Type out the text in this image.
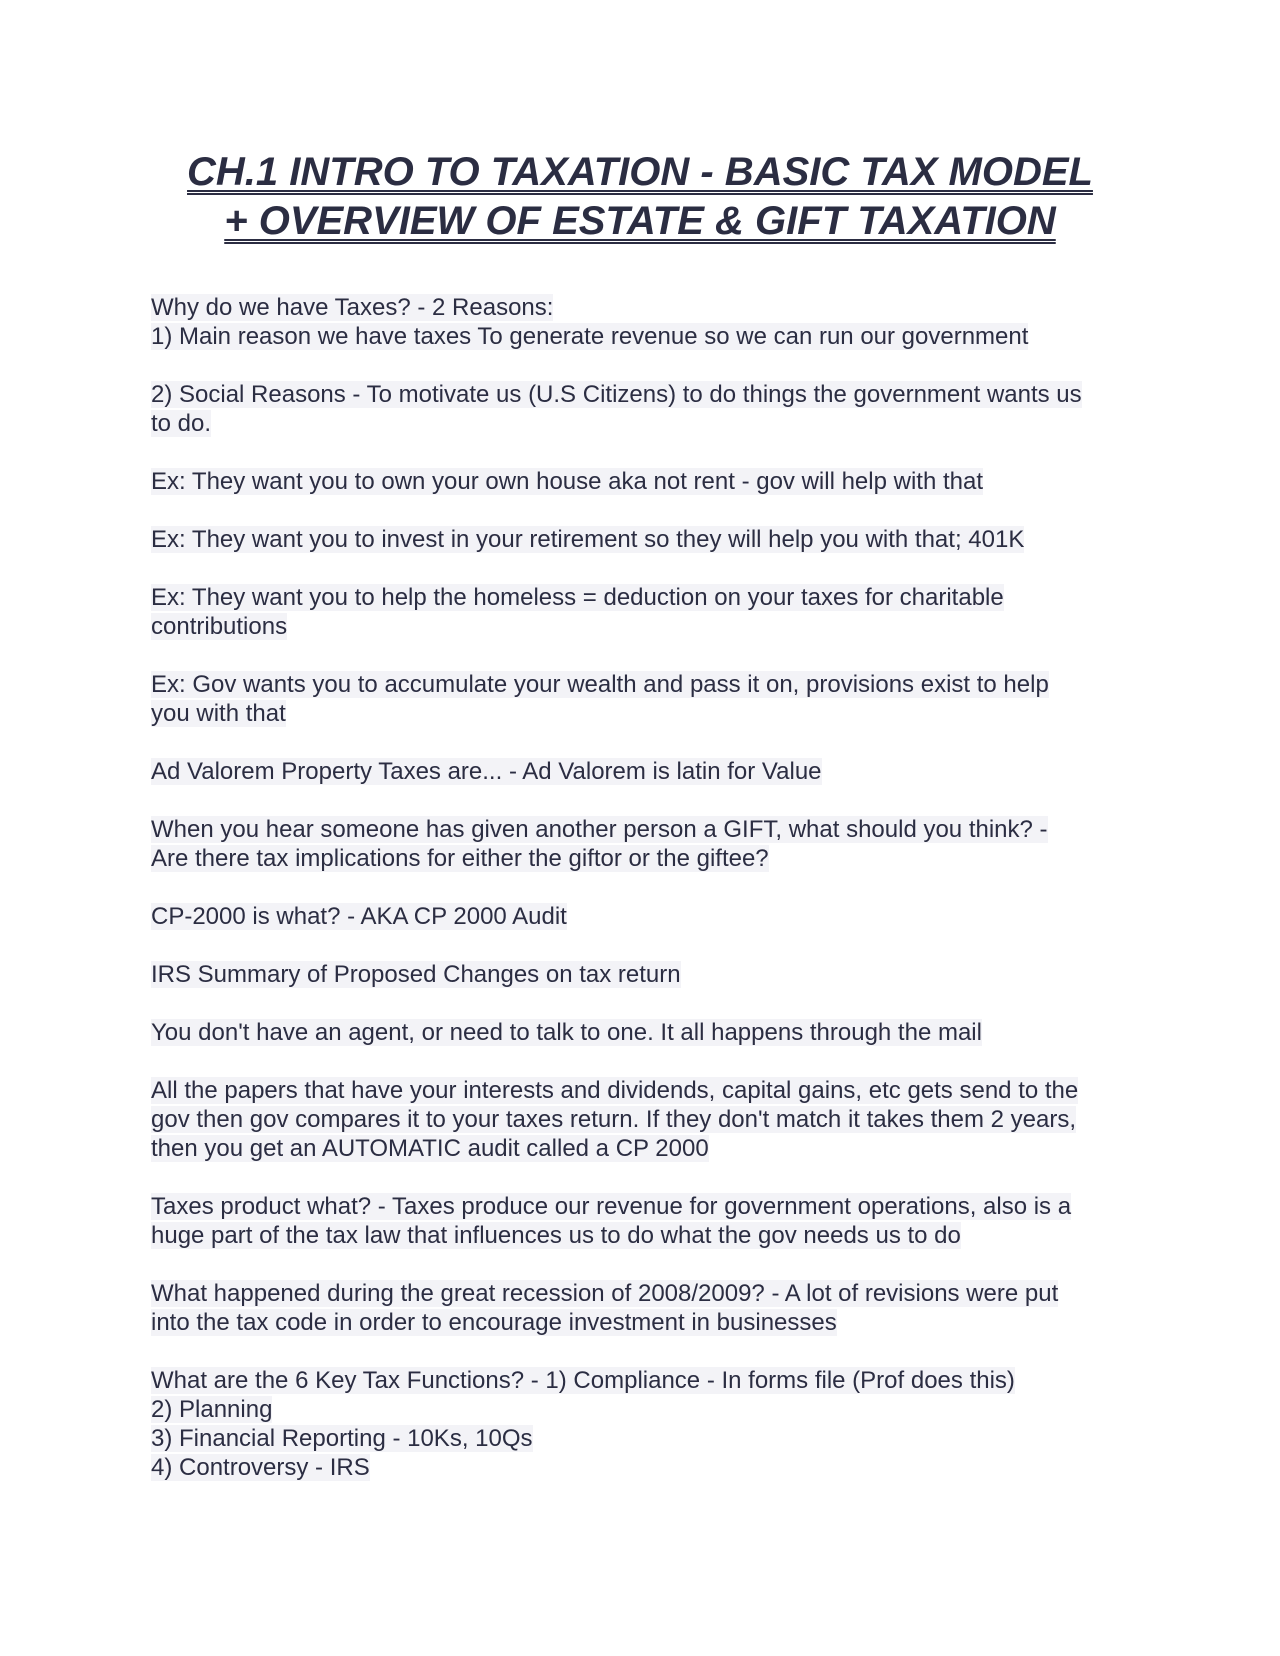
CH.1 INTRO TO TAXATION - BASIC TAX MODEL
+ OVERVIEW OF ESTATE & GIFT TAXATION
Why do we have Taxes? - 2 Reasons:
1) Main reason we have taxes To generate revenue so we can run our government
2) Social Reasons - To motivate us (U.S Citizens) to do things the government wants us
to do.
Ex: They want you to own your own house aka not rent - gov will help with that
Ex: They want you to invest in your retirement so they will help you with that; 401K
Ex: They want you to help the homeless = deduction on your taxes for charitable
contributions
Ex: Gov wants you to accumulate your wealth and pass it on, provisions exist to help
you with that
Ad Valorem Property Taxes are... - Ad Valorem is latin for Value
When you hear someone has given another person a GIFT, what should you think? -
Are there tax implications for either the giftor or the giftee?
CP-2000 is what? - AKA CP 2000 Audit
IRS Summary of Proposed Changes on tax return
You don't have an agent, or need to talk to one. It all happens through the mail
All the papers that have your interests and dividends, capital gains, etc gets send to the
gov then gov compares it to your taxes return. If they don't match it takes them 2 years,
then you get an AUTOMATIC audit called a CP 2000
Taxes product what? - Taxes produce our revenue for government operations, also is a
huge part of the tax law that influences us to do what the gov needs us to do
What happened during the great recession of 2008/2009? - A lot of revisions were put
into the tax code in order to encourage investment in businesses
What are the 6 Key Tax Functions? - 1) Compliance - In forms file (Prof does this)
2) Planning
3) Financial Reporting - 10Ks, 10Qs
4) Controversy - IRS
